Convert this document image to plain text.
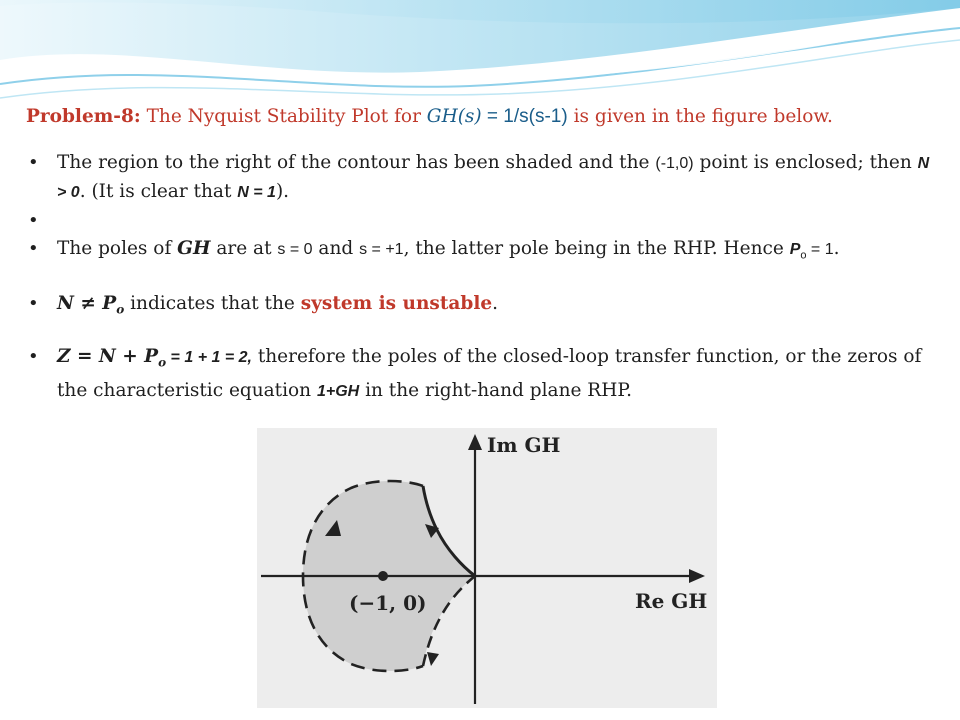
Problem-8: The Nyquist Stability Plot for GH(s) = 1/s(s-1) is given in the figure below.

• The region to the right of the contour has been shaded and the (-1,0) point is enclosed; then N > 0. (It is clear that N = 1).
•

• The poles of GH are at s = 0 and s = +1, the latter pole being in the RHP. Hence $P_o = 1$.
• $N \ne P_o$ indicates that the system is unstable.
• $Z = N + P_o = 1 + 1 = 2$, therefore the poles of the closed-loop transfer function, or the zeros of the characteristic equation 1+GH in the right-hand plane RHP.
(−1, 0)
Im GH
Re GH
